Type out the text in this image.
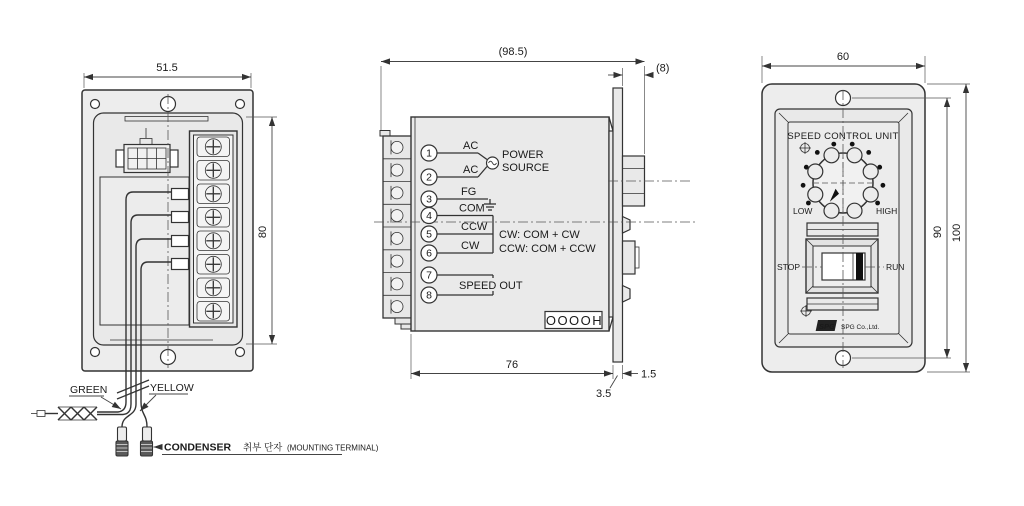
51.5
GREEN	YELLOW
CONDENSER 취부 단자 (MOUNTING TERMINAL)
80
(98.5)
(8)
1
2
3
4
5
6
7
8
AC
AC
FG
COM
CCW
CW
POWER
SOURCE
CW: COM + CW
CCW: COM + CCW
SPEED OUT
OOOOH
76
1.5
3.5
60
SPEED CONTROL UNIT
LOW	HIGH
STOP	RUN
SPG SPG Co.,Ltd.
90 100
